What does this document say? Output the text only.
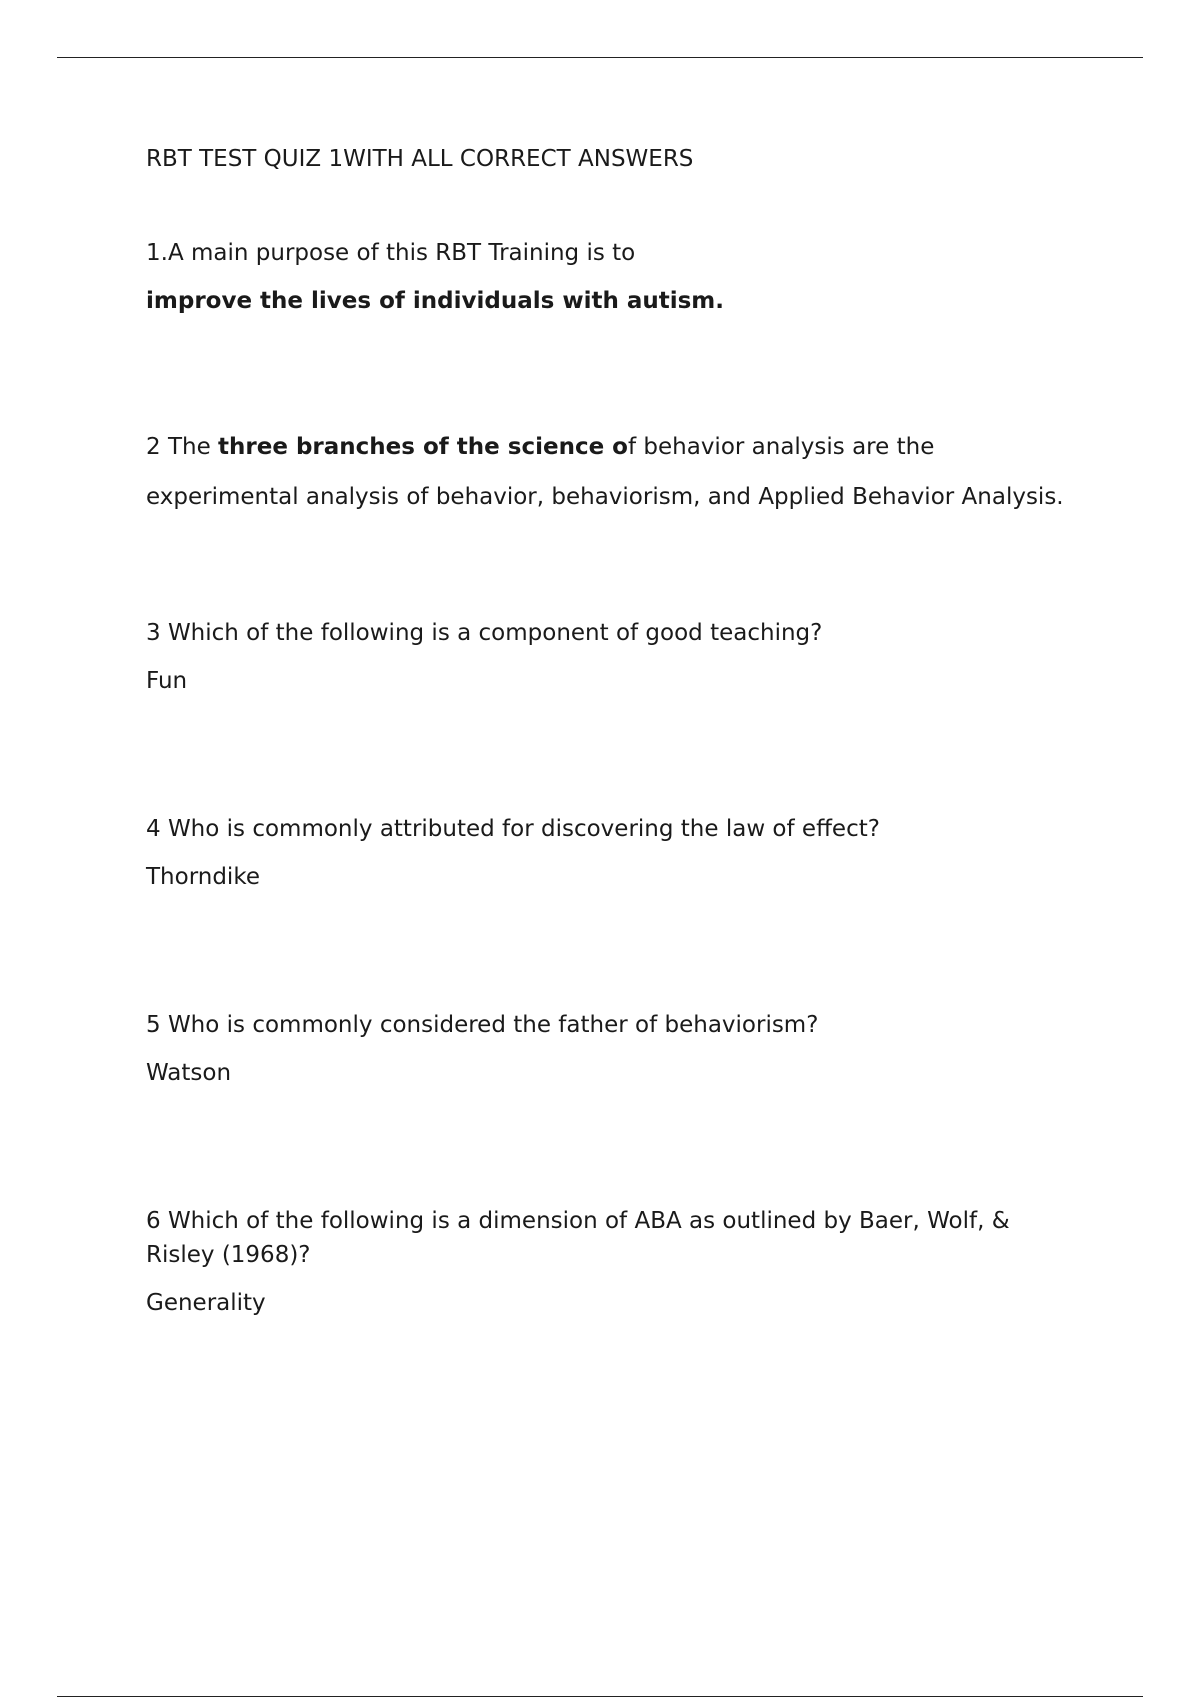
RBT TEST QUIZ 1WITH ALL CORRECT ANSWERS

1.A main purpose of this RBT Training is to

improve the lives of individuals with autism.

2 The three branches of the science of behavior analysis are the

experimental analysis of behavior, behaviorism, and Applied Behavior Analysis.

3 Which of the following is a component of good teaching?

Fun

4 Who is commonly attributed for discovering the law of effect?

Thorndike

5 Who is commonly considered the father of behaviorism?

Watson

6 Which of the following is a dimension of ABA as outlined by Baer, Wolf, & Risley (1968)?

Generality
